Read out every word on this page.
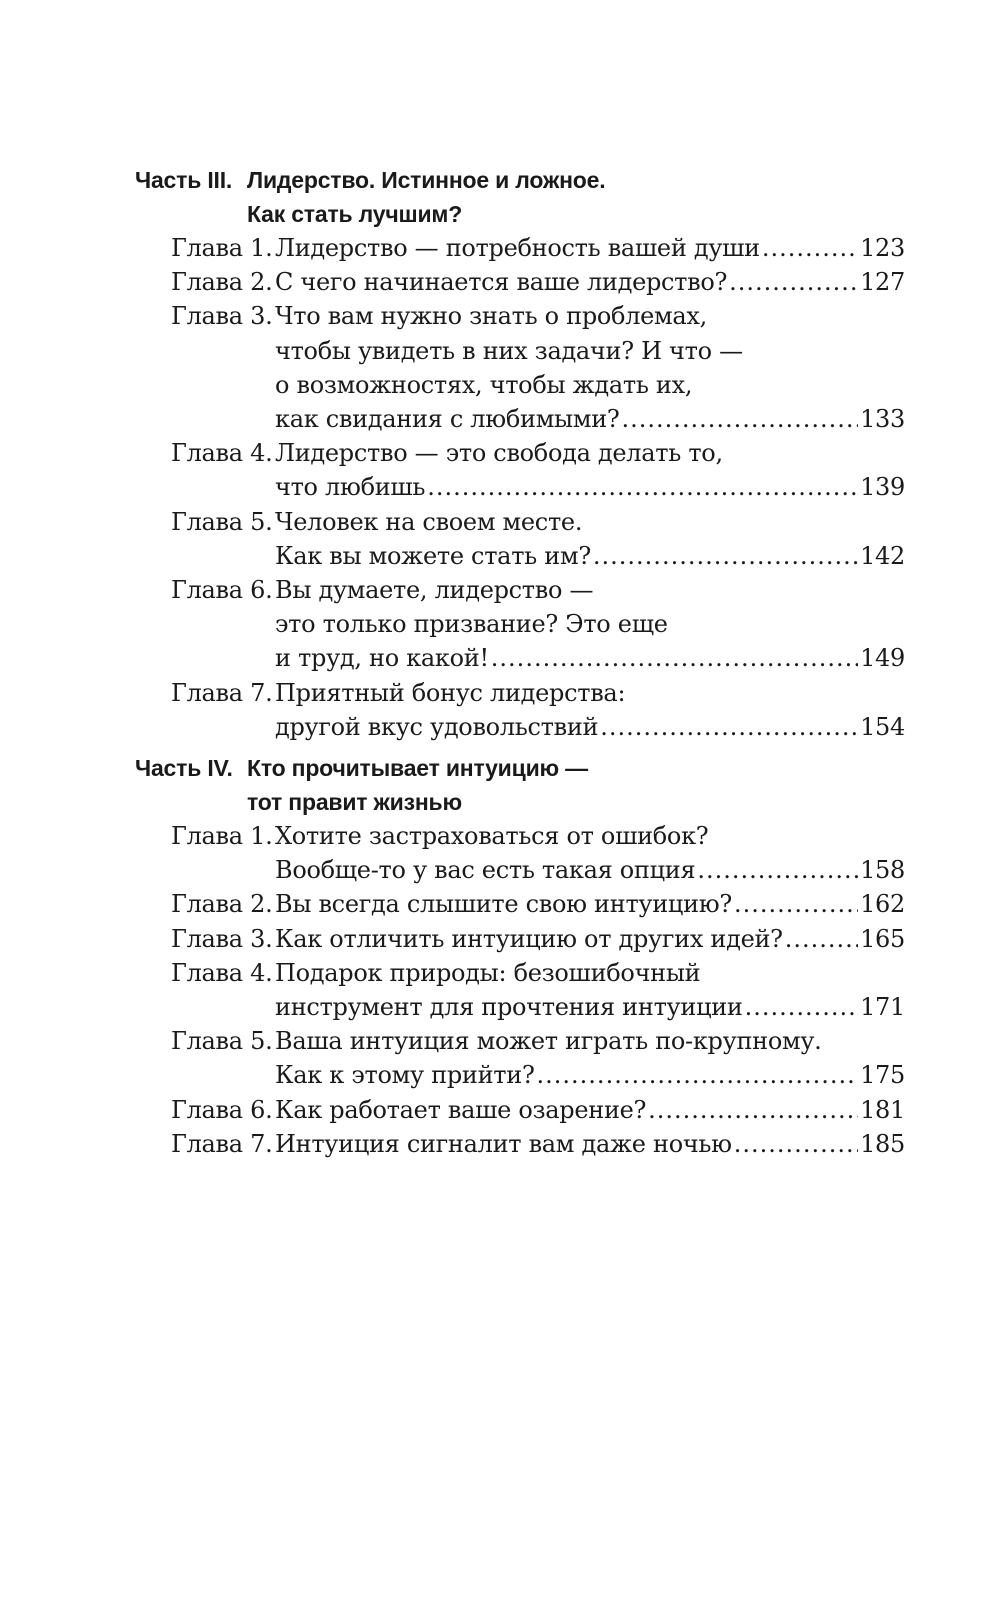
Часть III. Лидерство. Истинное и ложное.
Как стать лучшим?
Глава 1. Лидерство — потребность вашей души .....	123
Глава 2. С чего начинается ваше лидерство? .....	127
Глава 3. Что вам нужно знать о проблемах,
чтобы увидеть в них задачи? И что —
о возможностях, чтобы ждать их,
как свидания с любимыми? .....	133
Глава 4. Лидерство — это свобода делать то,
что любишь .....	139
Глава 5. Человек на своем месте.
Как вы можете стать им? .....	142
Глава 6. Вы думаете, лидерство —
это только призвание? Это еще
и труд, но какой! .....	149
Глава 7. Приятный бонус лидерства:
другой вкус удовольствий .....	154
Часть IV. Кто прочитывает интуицию —
тот правит жизнью
Глава 1. Хотите застраховаться от ошибок?
Вообще-то у вас есть такая опция .....	158
Глава 2. Вы всегда слышите свою интуицию? .....	162
Глава 3. Как отличить интуицию от других идей? .....	165
Глава 4. Подарок природы: безошибочный
инструмент для прочтения интуиции .....	171
Глава 5. Ваша интуиция может играть по-крупному.
Как к этому прийти? .....	175
Глава 6. Как работает ваше озарение? .....	181
Глава 7. Интуиция сигналит вам даже ночью .....	185
